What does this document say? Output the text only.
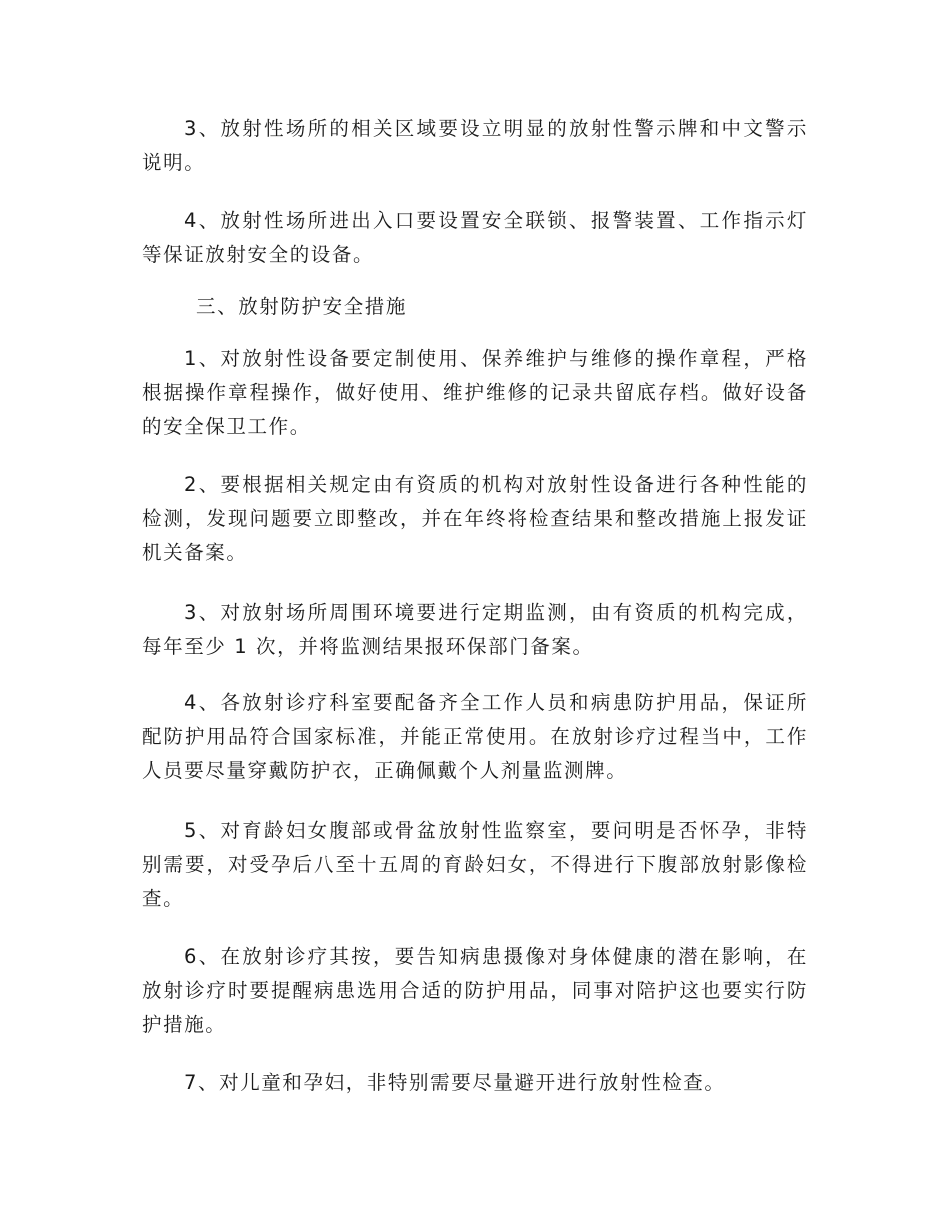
3、放射性场所的相关区域要设立明显的放射性警示牌和中文警示说明。

4、放射性场所进出入口要设置安全联锁、报警装置、工作指示灯等保证放射安全的设备。

三、放射防护安全措施

1、对放射性设备要定制使用、保养维护与维修的操作章程，严格根据操作章程操作，做好使用、维护维修的记录共留底存档。做好设备的安全保卫工作。

2、要根据相关规定由有资质的机构对放射性设备进行各种性能的检测，发现问题要立即整改，并在年终将检查结果和整改措施上报发证机关备案。

3、对放射场所周围环境要进行定期监测，由有资质的机构完成，每年至少 1 次，并将监测结果报环保部门备案。

4、各放射诊疗科室要配备齐全工作人员和病患防护用品，保证所配防护用品符合国家标准，并能正常使用。在放射诊疗过程当中，工作人员要尽量穿戴防护衣，正确佩戴个人剂量监测牌。

5、对育龄妇女腹部或骨盆放射性监察室，要问明是否怀孕，非特别需要，对受孕后八至十五周的育龄妇女，不得进行下腹部放射影像检查。

6、在放射诊疗其按，要告知病患摄像对身体健康的潜在影响，在放射诊疗时要提醒病患选用合适的防护用品，同事对陪护这也要实行防护措施。

7、对儿童和孕妇，非特别需要尽量避开进行放射性检查。
